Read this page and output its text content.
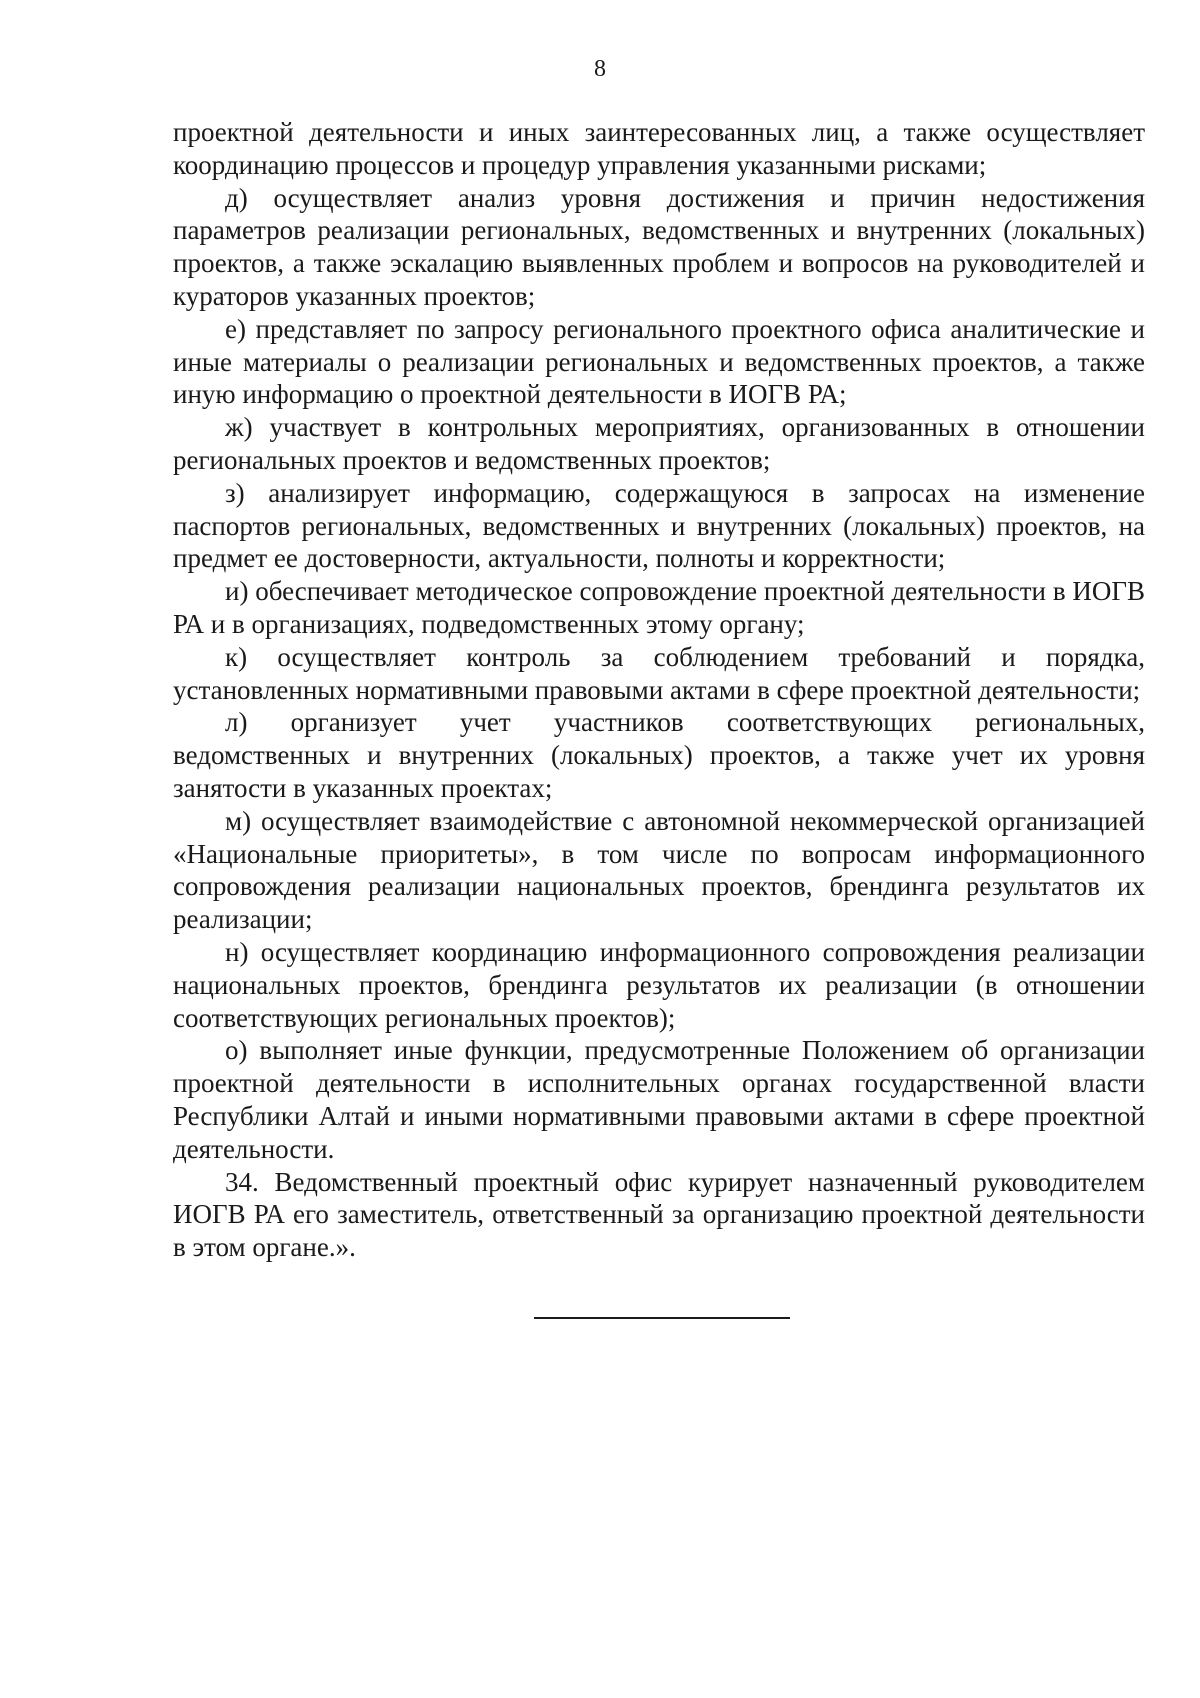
8

проектной деятельности и иных заинтересованных лиц, а также осуществляет координацию процессов и процедур управления указанными рисками;

д) осуществляет анализ уровня достижения и причин недостижения параметров реализации региональных, ведомственных и внутренних (локальных) проектов, а также эскалацию выявленных проблем и вопросов на руководителей и кураторов указанных проектов;

е) представляет по запросу регионального проектного офиса аналитические и иные материалы о реализации региональных и ведомственных проектов, а также иную информацию о проектной деятельности в ИОГВ РА;

ж) участвует в контрольных мероприятиях, организованных в отношении региональных проектов и ведомственных проектов;

з) анализирует информацию, содержащуюся в запросах на изменение паспортов региональных, ведомственных и внутренних (локальных) проектов, на предмет ее достоверности, актуальности, полноты и корректности;

и) обеспечивает методическое сопровождение проектной деятельности в ИОГВ РА и в организациях, подведомственных этому органу;

к) осуществляет контроль за соблюдением требований и порядка, установленных нормативными правовыми актами в сфере проектной деятельности;

л) организует учет участников соответствующих региональных, ведомственных и внутренних (локальных) проектов, а также учет их уровня занятости в указанных проектах;

м) осуществляет взаимодействие с автономной некоммерческой организацией «Национальные приоритеты», в том числе по вопросам информационного сопровождения реализации национальных проектов, брендинга результатов их реализации;

н) осуществляет координацию информационного сопровождения реализации национальных проектов, брендинга результатов их реализации (в отношении соответствующих региональных проектов);

о) выполняет иные функции, предусмотренные Положением об организации проектной деятельности в исполнительных органах государственной власти Республики Алтай и иными нормативными правовыми актами в сфере проектной деятельности.

34. Ведомственный проектный офис курирует назначенный руководителем ИОГВ РА его заместитель, ответственный за организацию проектной деятельности в этом органе.».
